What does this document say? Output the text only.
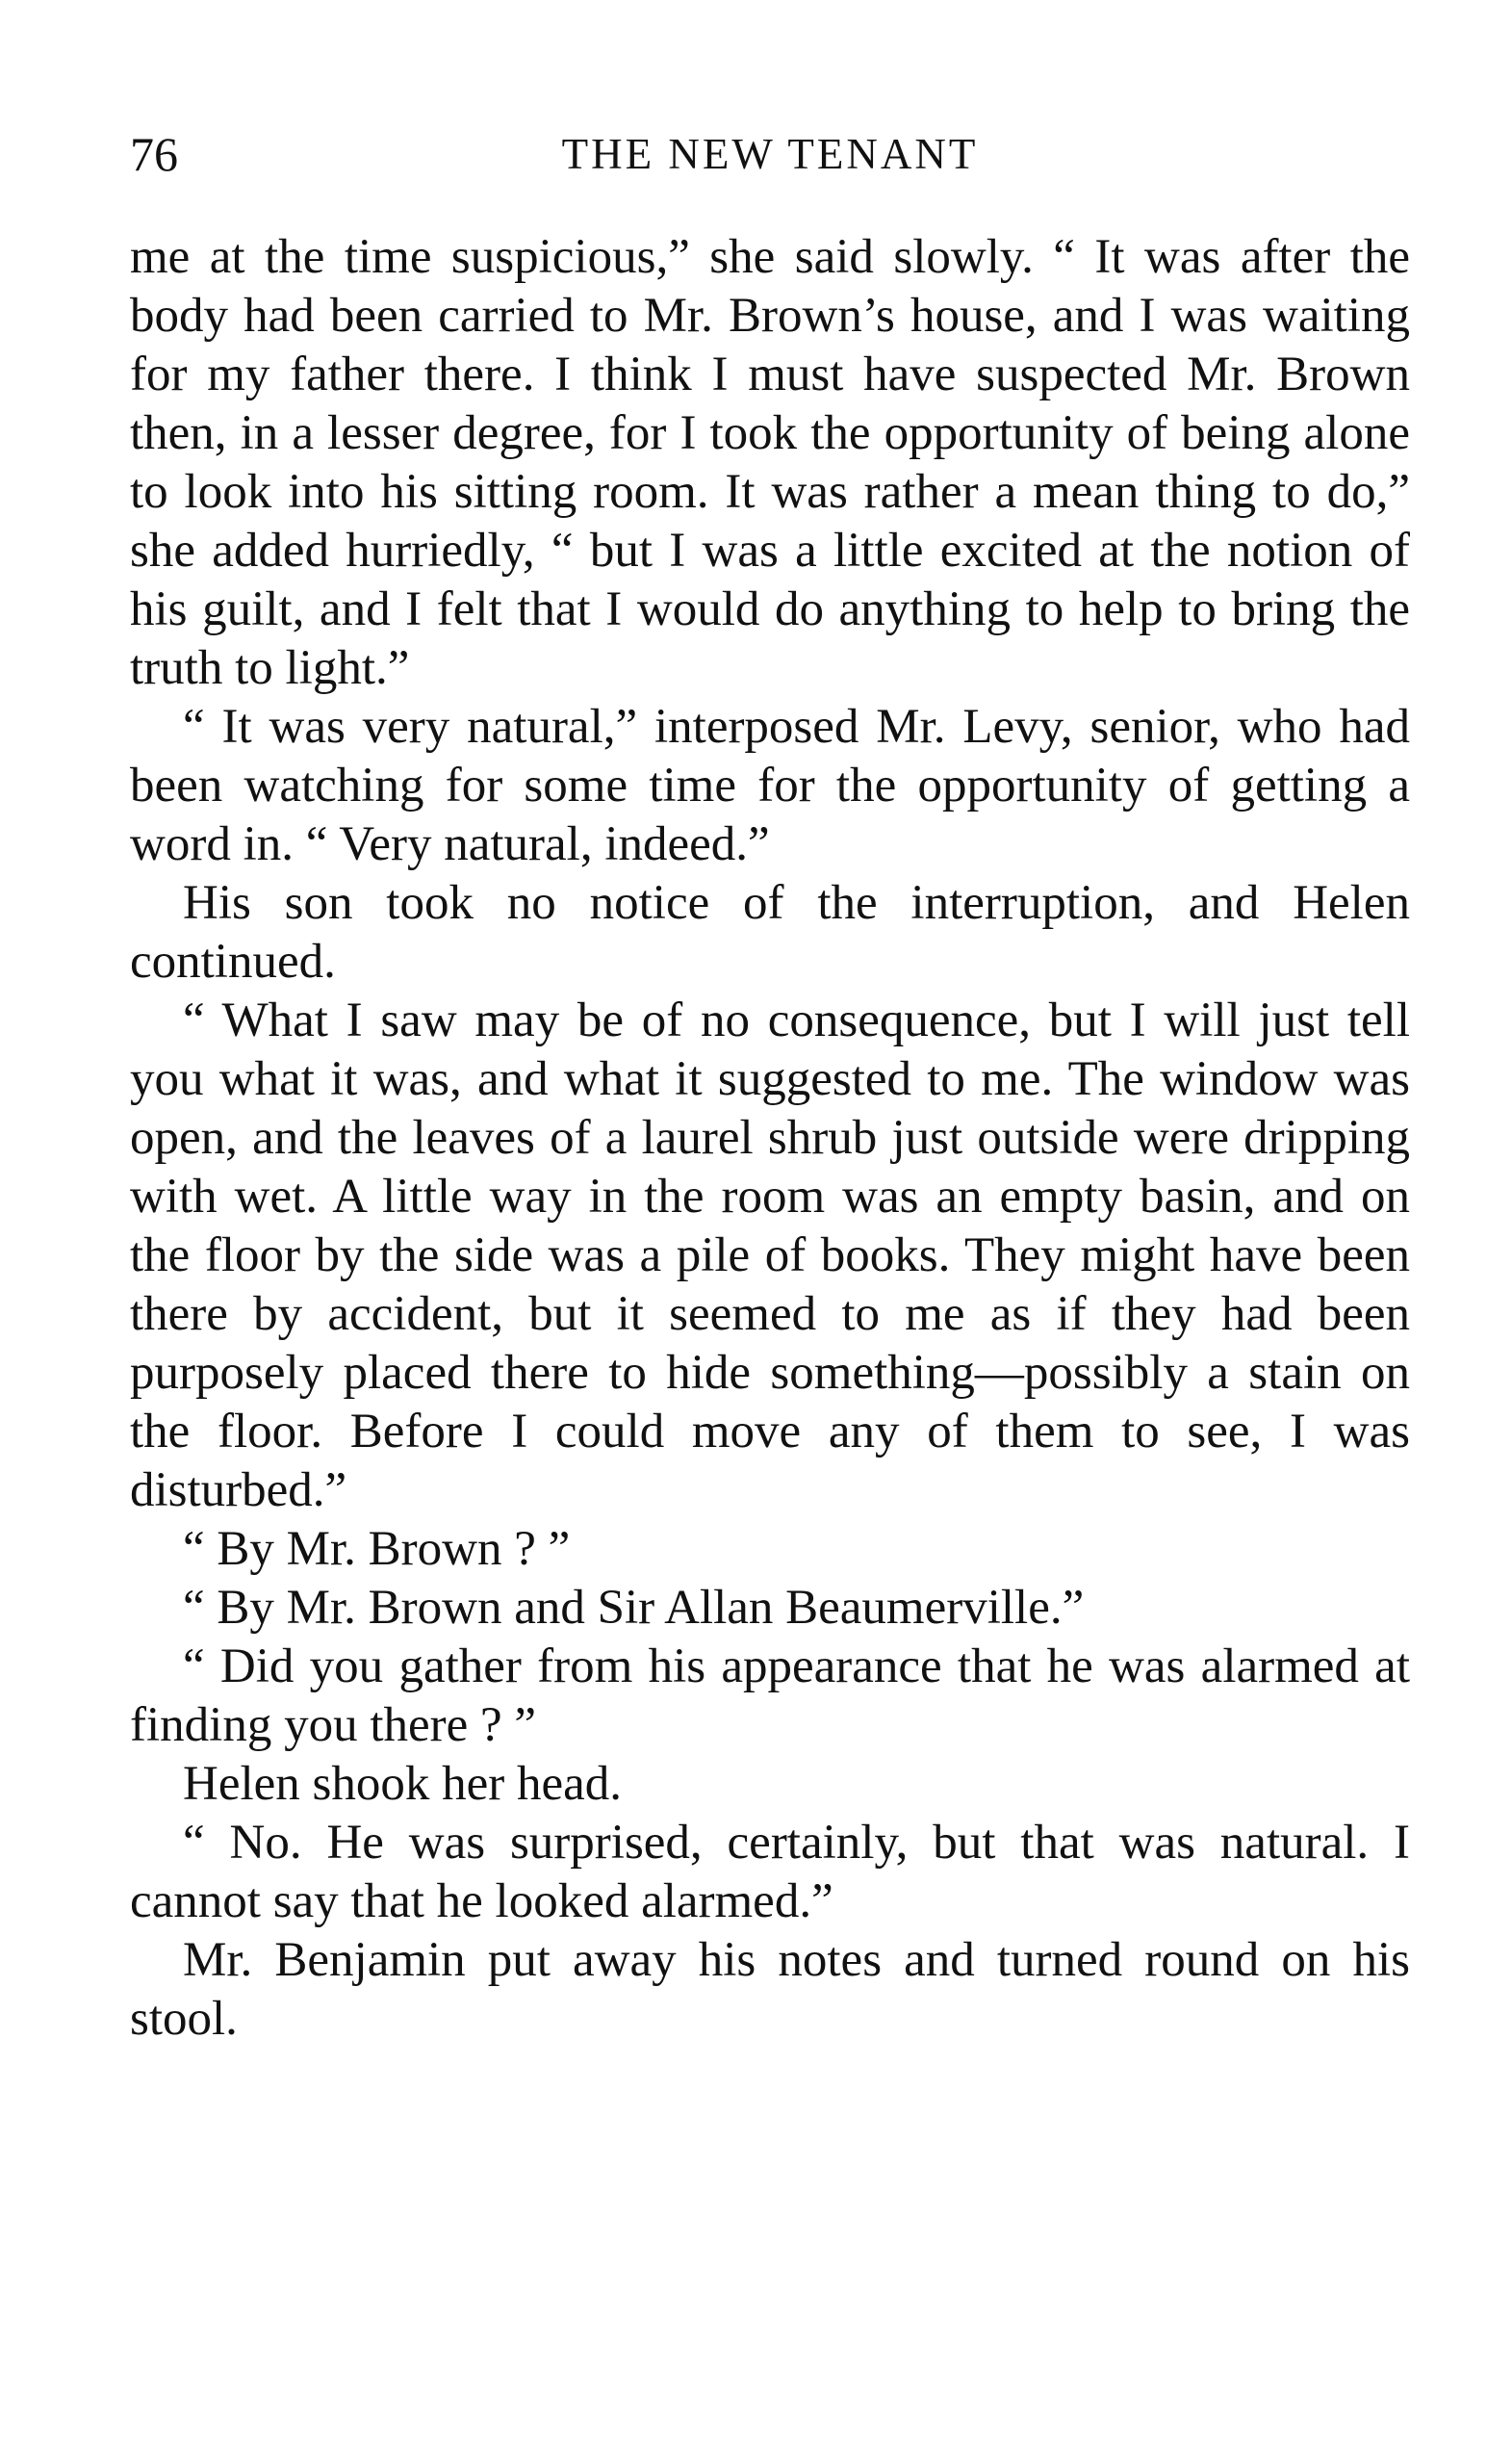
76	THE NEW TENANT

me at the time suspicious,” she said slowly. “ It was after the body had been carried to Mr. Brown’s house, and I was waiting for my father there. I think I must have suspected Mr. Brown then, in a lesser degree, for I took the opportunity of being alone to look into his sitting room. It was rather a mean thing to do,” she added hurriedly, “ but I was a little excited at the notion of his guilt, and I felt that I would do anything to help to bring the truth to light.”

“ It was very natural,” interposed Mr. Levy, senior, who had been watching for some time for the opportunity of getting a word in. “ Very natural, indeed.”

His son took no notice of the interruption, and Helen continued.

“ What I saw may be of no consequence, but I will just tell you what it was, and what it suggested to me. The window was open, and the leaves of a laurel shrub just outside were dripping with wet. A little way in the room was an empty basin, and on the floor by the side was a pile of books. They might have been there by accident, but it seemed to me as if they had been purposely placed there to hide something—possibly a stain on the floor. Before I could move any of them to see, I was disturbed.”

“ By Mr. Brown ? ”

“ By Mr. Brown and Sir Allan Beaumerville.”

“ Did you gather from his appearance that he was alarmed at finding you there ? ”

Helen shook her head.

“ No. He was surprised, certainly, but that was natural. I cannot say that he looked alarmed.”

Mr. Benjamin put away his notes and turned round on his stool.
